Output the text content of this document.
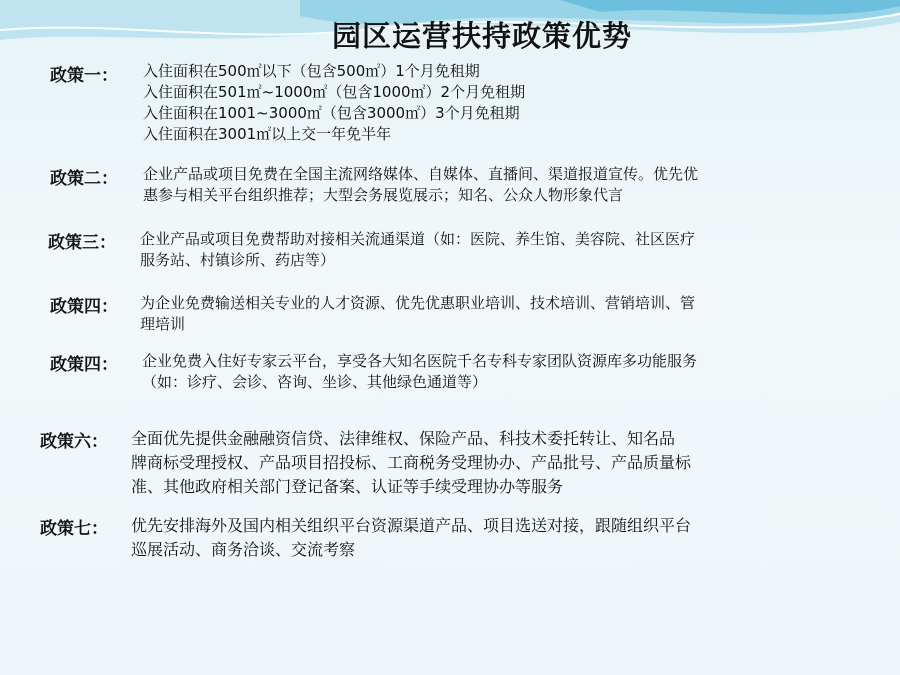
园区运营扶持政策优势
政策一： 入住面积在500㎡以下（包含500㎡）1个月免租期
入住面积在501㎡~1000㎡（包含1000㎡）2个月免租期
入住面积在1001~3000㎡（包含3000㎡）3个月免租期
入住面积在3001㎡以上交一年免半年
政策二： 企业产品或项目免费在全国主流网络媒体、自媒体、直播间、渠道报道宣传。优先优
惠参与相关平台组织推荐；大型会务展览展示；知名、公众人物形象代言
政策三： 企业产品或项目免费帮助对接相关流通渠道（如：医院、养生馆、美容院、社区医疗
服务站、村镇诊所、药店等）
政策四： 为企业免费输送相关专业的人才资源、优先优惠职业培训、技术培训、营销培训、管
理培训
政策四： 企业免费入住好专家云平台，享受各大知名医院千名专科专家团队资源库多功能服务
（如：诊疗、会诊、咨询、坐诊、其他绿色通道等）
政策六： 全面优先提供金融融资信贷、法律维权、保险产品、科技术委托转让、知名品
牌商标受理授权、产品项目招投标、工商税务受理协办、产品批号、产品质量标
准、其他政府相关部门登记备案、认证等手续受理协办等服务
政策七： 优先安排海外及国内相关组织平台资源渠道产品、项目选送对接，跟随组织平台
巡展活动、商务洽谈、交流考察
